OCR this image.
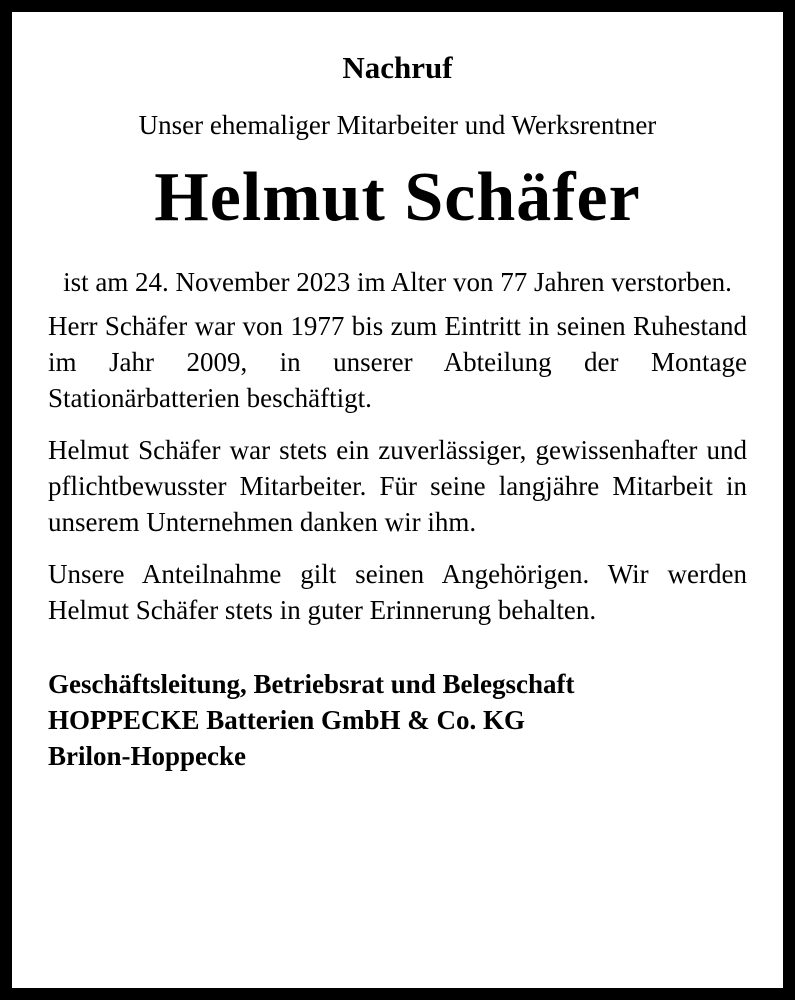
Nachruf

Unser ehemaliger Mitarbeiter und Werksrentner

Helmut Schäfer

ist am 24. November 2023 im Alter von 77 Jahren verstorben.

Herr Schäfer war von 1977 bis zum Eintritt in seinen Ruhestand im Jahr 2009, in unserer Abteilung der Montage Stationärbatterien beschäftigt.

Helmut Schäfer war stets ein zuverlässiger, gewissenhafter und pflichtbewusster Mitarbeiter. Für seine langjähre Mitarbeit in unserem Unternehmen danken wir ihm.

Unsere Anteilnahme gilt seinen Angehörigen. Wir werden Helmut Schäfer stets in guter Erinnerung behalten.

Geschäftsleitung, Betriebsrat und Belegschaft
HOPPECKE Batterien GmbH & Co. KG
Brilon-Hoppecke
